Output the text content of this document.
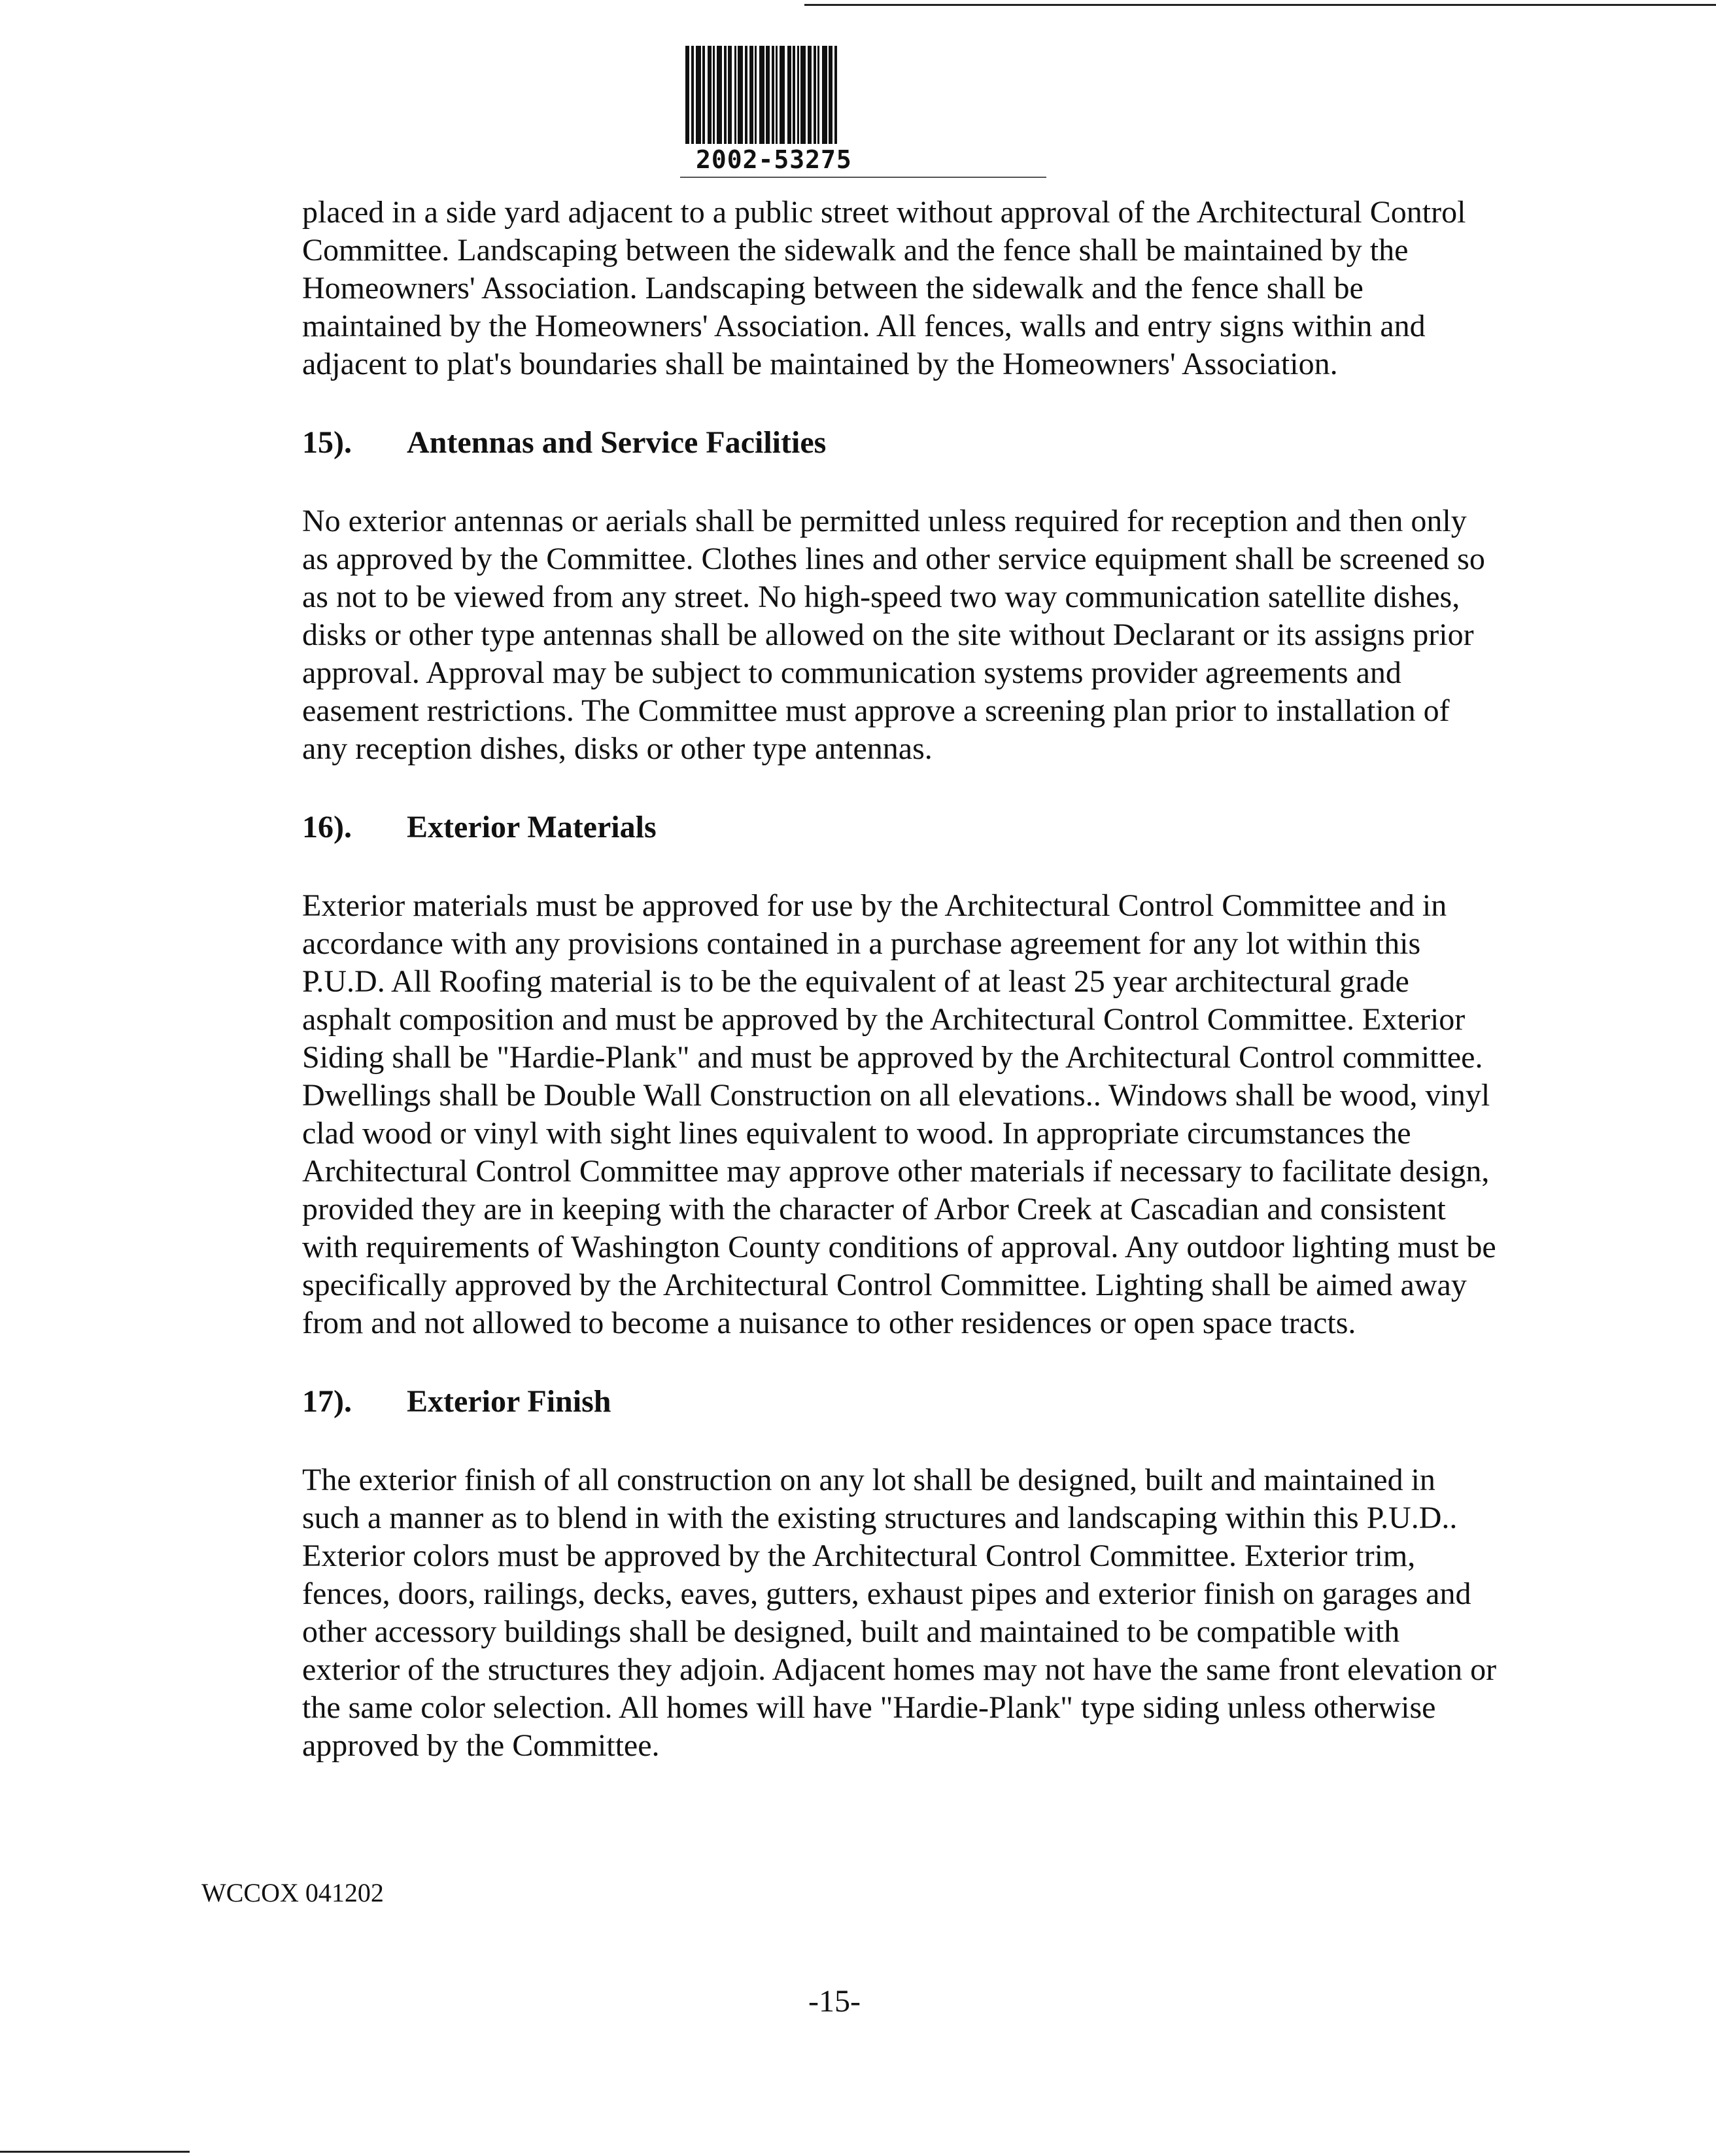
2002-53275

placed in a side yard adjacent to a public street without approval of the Architectural Control Committee. Landscaping between the sidewalk and the fence shall be maintained by the Homeowners' Association. Landscaping between the sidewalk and the fence shall be maintained by the Homeowners' Association. All fences, walls and entry signs within and adjacent to plat's boundaries shall be maintained by the Homeowners' Association.

15).	Antennas and Service Facilities

No exterior antennas or aerials shall be permitted unless required for reception and then only as approved by the Committee. Clothes lines and other service equipment shall be screened so as not to be viewed from any street. No high-speed two way communication satellite dishes, disks or other type antennas shall be allowed on the site without Declarant or its assigns prior approval. Approval may be subject to communication systems provider agreements and easement restrictions. The Committee must approve a screening plan prior to installation of any reception dishes, disks or other type antennas.

16).	Exterior Materials

Exterior materials must be approved for use by the Architectural Control Committee and in accordance with any provisions contained in a purchase agreement for any lot within this P.U.D. All Roofing material is to be the equivalent of at least 25 year architectural grade asphalt composition and must be approved by the Architectural Control Committee. Exterior Siding shall be "Hardie-Plank" and must be approved by the Architectural Control committee. Dwellings shall be Double Wall Construction on all elevations.. Windows shall be wood, vinyl clad wood or vinyl with sight lines equivalent to wood. In appropriate circumstances the Architectural Control Committee may approve other materials if necessary to facilitate design, provided they are in keeping with the character of Arbor Creek at Cascadian and consistent with requirements of Washington County conditions of approval. Any outdoor lighting must be specifically approved by the Architectural Control Committee. Lighting shall be aimed away from and not allowed to become a nuisance to other residences or open space tracts.

17).	Exterior Finish

The exterior finish of all construction on any lot shall be designed, built and maintained in such a manner as to blend in with the existing structures and landscaping within this P.U.D.. Exterior colors must be approved by the Architectural Control Committee. Exterior trim, fences, doors, railings, decks, eaves, gutters, exhaust pipes and exterior finish on garages and other accessory buildings shall be designed, built and maintained to be compatible with exterior of the structures they adjoin. Adjacent homes may not have the same front elevation or the same color selection. All homes will have "Hardie-Plank" type siding unless otherwise approved by the Committee.

WCCOX 041202
-15-
